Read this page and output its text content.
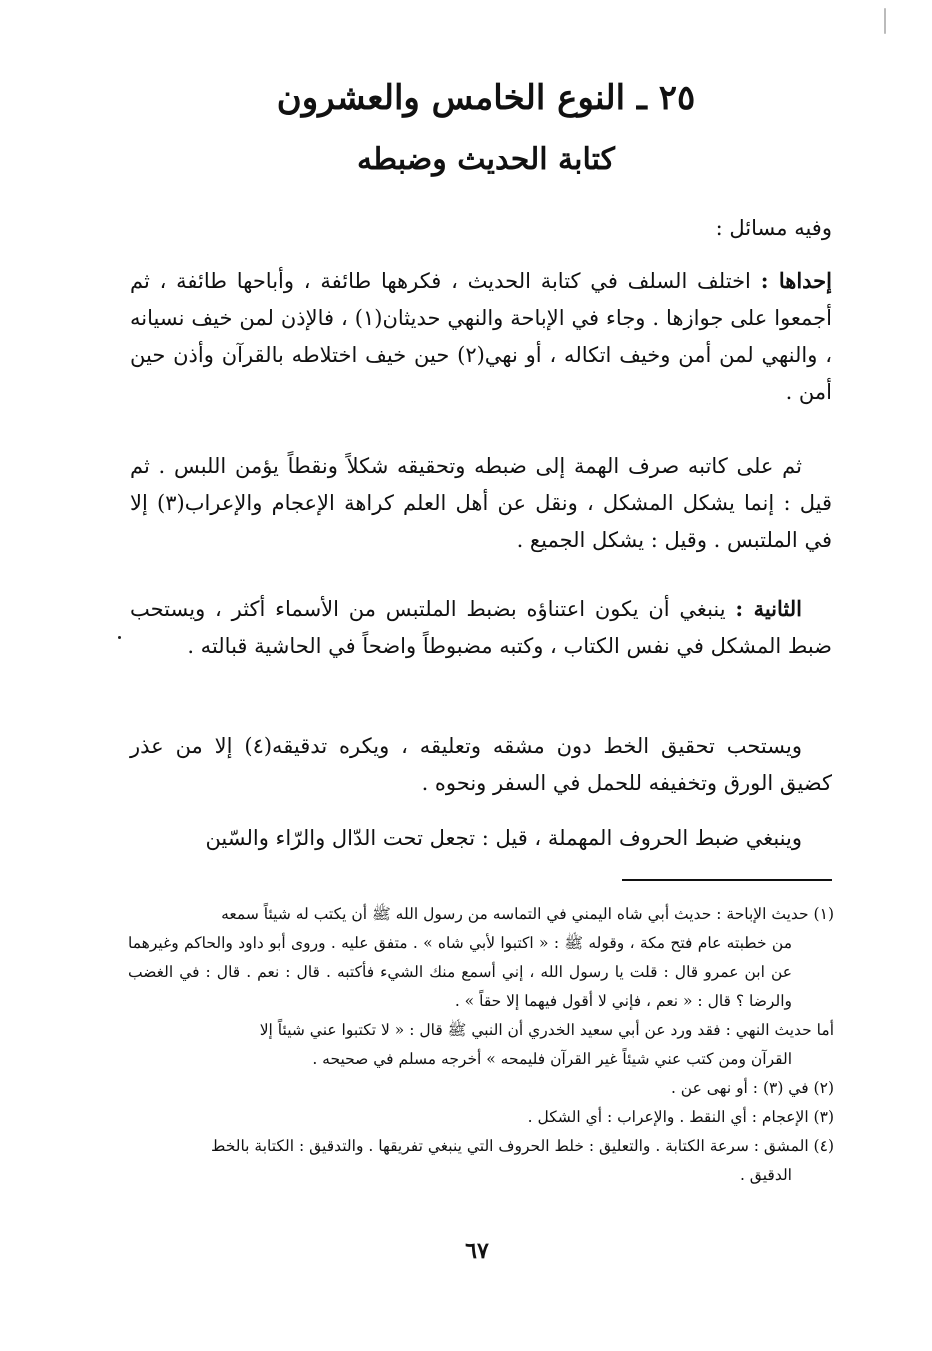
٢٥ ـ النوع الخامس والعشرون
كتابة الحديث وضبطه

وفيه مسائل :

إحداها : اختلف السلف في كتابة الحديث ، فكرهها طائفة ، وأباحها طائفة ، ثم أجمعوا على جوازها . وجاء في الإباحة والنهي حديثان(١) ، فالإذن لمن خيف نسيانه ، والنهي لمن أمن وخيف اتكاله ، أو نهي(٢) حين خيف اختلاطه بالقرآن وأذن حين أمن .

ثم على كاتبه صرف الهمة إلى ضبطه وتحقيقه شكلاً ونقطاً يؤمن اللبس . ثم قيل : إنما يشكل المشكل ، ونقل عن أهل العلم كراهة الإعجام والإعراب(٣) إلا في الملتبس . وقيل : يشكل الجميع .

الثانية : ينبغي أن يكون اعتناؤه بضبط الملتبس من الأسماء أكثر ، ويستحب ضبط المشكل في نفس الكتاب ، وكتبه مضبوطاً واضحاً في الحاشية قبالته .

ويستحب تحقيق الخط دون مشقه وتعليقه ، ويكره تدقيقه(٤) إلا من عذر كضيق الورق وتخفيفه للحمل في السفر ونحوه .

وينبغي ضبط الحروف المهملة ، قيل : تجعل تحت الدّال والرّاء والسّين

(١) حديث الإباحة : حديث أبي شاه اليمني في التماسه من رسول الله ﷺ أن يكتب له شيئاً سمعه
من خطبته عام فتح مكة ، وقوله ﷺ : « اكتبوا لأبي شاه » . متفق عليه . وروى أبو داود والحاكم وغيرهما عن ابن عمرو قال : قلت يا رسول الله ، إني أسمع منك الشيء فأكتبه . قال : نعم . قال : في الغضب والرضا ؟ قال : « نعم ، فإني لا أقول فيهما إلا حقاً » .

أما حديث النهي : فقد ورد عن أبي سعيد الخدري أن النبي ﷺ قال : « لا تكتبوا عني شيئاً إلا
القرآن ومن كتب عني شيئاً غير القرآن فليمحه » أخرجه مسلم في صحيحه .

(٢) في (٣) : أو نهى عن .

(٣) الإعجام : أي النقط . والإعراب : أي الشكل .

(٤) المشق : سرعة الكتابة . والتعليق : خلط الحروف التي ينبغي تفريقها . والتدقيق : الكتابة بالخط
الدقيق .

٦٧
